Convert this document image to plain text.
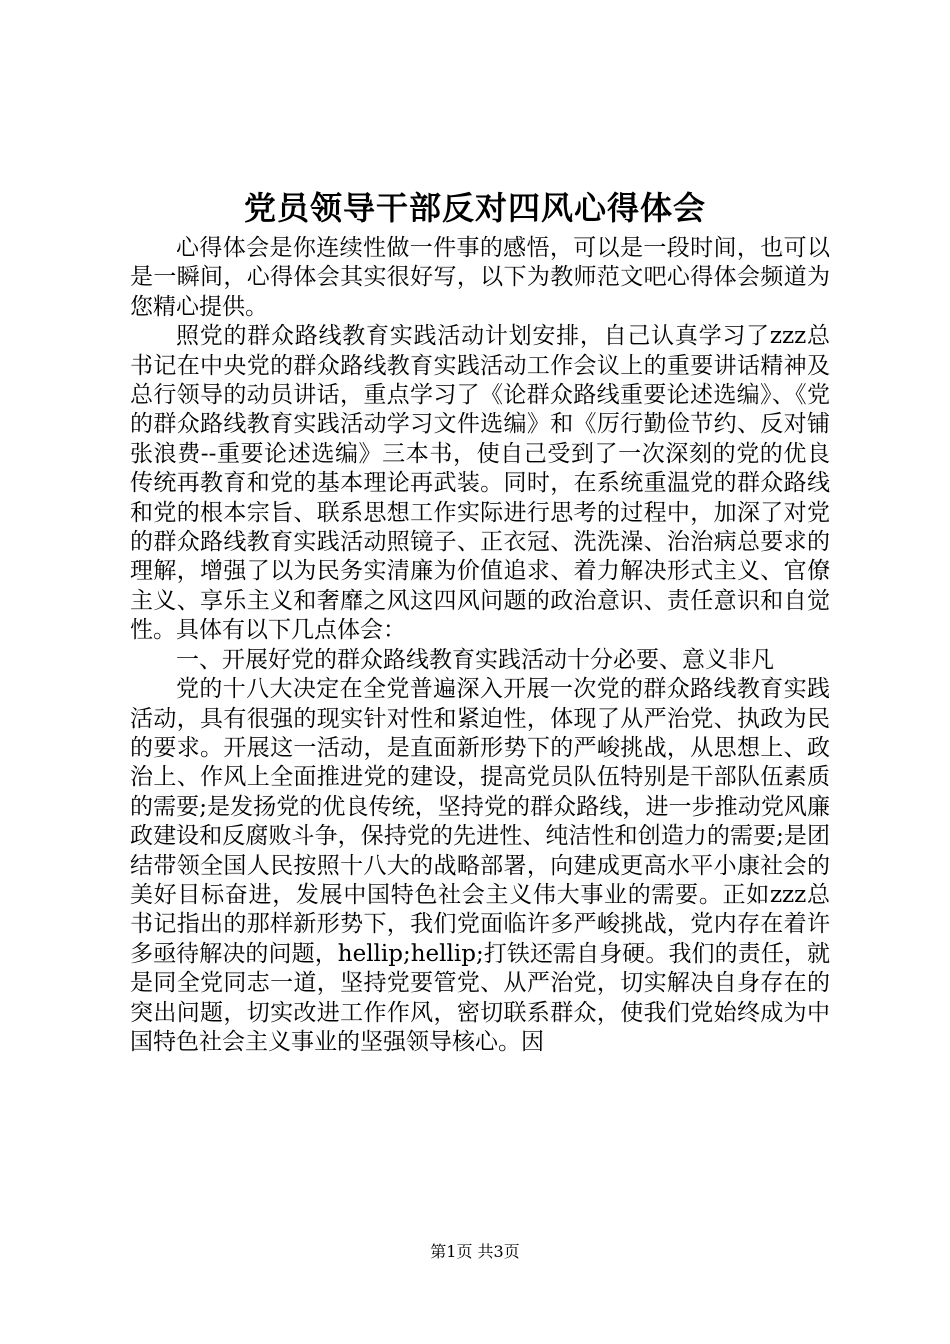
党员领导干部反对四风心得体会

心得体会是你连续性做一件事的感悟，可以是一段时间，也可以是一瞬间，心得体会其实很好写，以下为教师范文吧心得体会频道为您精心提供。

照党的群众路线教育实践活动计划安排，自己认真学习了zzz总书记在中央党的群众路线教育实践活动工作会议上的重要讲话精神及总行领导的动员讲话，重点学习了《论群众路线重要论述选编》、《党的群众路线教育实践活动学习文件选编》和《厉行勤俭节约、反对铺张浪费--重要论述选编》三本书，使自己受到了一次深刻的党的优良传统再教育和党的基本理论再武装。同时，在系统重温党的群众路线和党的根本宗旨、联系思想工作实际进行思考的过程中，加深了对党的群众路线教育实践活动照镜子、正衣冠、洗洗澡、治治病总要求的理解，增强了以为民务实清廉为价值追求、着力解决形式主义、官僚主义、享乐主义和奢靡之风这四风问题的政治意识、责任意识和自觉性。具体有以下几点体会：

一、开展好党的群众路线教育实践活动十分必要、意义非凡

党的十八大决定在全党普遍深入开展一次党的群众路线教育实践活动，具有很强的现实针对性和紧迫性，体现了从严治党、执政为民的要求。开展这一活动，是直面新形势下的严峻挑战，从思想上、政治上、作风上全面推进党的建设，提高党员队伍特别是干部队伍素质的需要;是发扬党的优良传统，坚持党的群众路线，进一步推动党风廉政建设和反腐败斗争，保持党的先进性、纯洁性和创造力的需要;是团结带领全国人民按照十八大的战略部署，向建成更高水平小康社会的美好目标奋进，发展中国特色社会主义伟大事业的需要。正如zzz总书记指出的那样新形势下，我们党面临许多严峻挑战，党内存在着许多亟待解决的问题，hellip;hellip;打铁还需自身硬。我们的责任，就是同全党同志一道，坚持党要管党、从严治党，切实解决自身存在的突出问题，切实改进工作作风，密切联系群众，使我们党始终成为中国特色社会主义事业的坚强领导核心。因

第1页 共3页
